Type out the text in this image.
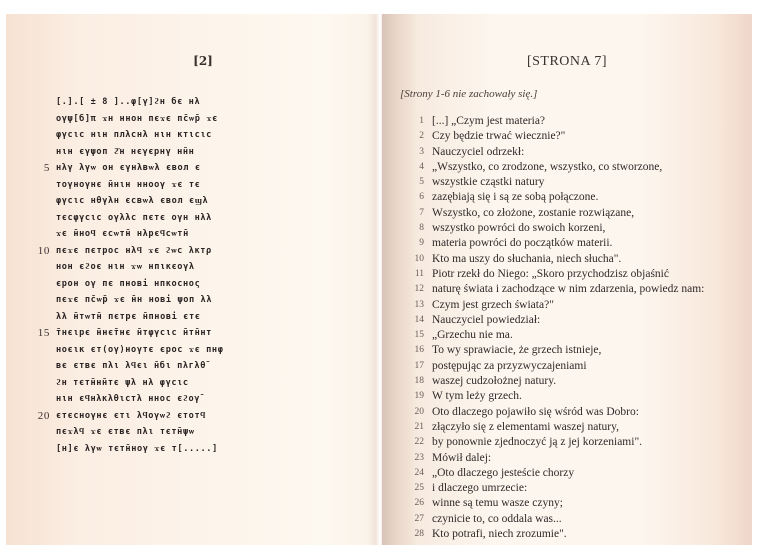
[2]
[.].[ ± 8 ]..φ[γ]ϩн бє нλ
ογψ[б]π ϫн ннон пєϫє пс̄ѡр̄ ϫє
φγсιс нιн плλснλ нιн ктιсιс
нιн єγψоп ϩ̄н нєγєрнγ нн̄н
5 нλγ λγѡ он єγнλвѡλ євол є
тογноγнє н̄нιн ннооγ ϫє тє
φγсιс нθγλн єсвѡλ євол єϣλ
тєсφγсιс оγλλс пєтє оγн нλλ
ϫє н̄ноϥ єсѡтн̄ нλрєϥсѡтн̄
10 пєϫє пєтрос нλϥ ϫє ϩѡс λктρ
нон єϩоє нιн ϫѡ нпιкєоγλ
єрон оγ пє пнові нпкосноς
пєϫє пс̄ѡр̄ ϫє н̄н нові ψоп λλ
λλ н̄тѡтн̄ пєтрє н̄пнові єтє
15 т̄нєιрє н̄нєт̄нє н̄тφγсιс н̄тн̄нт
нοєιк єт(оγ)ноγтє єрос ϫє пнφ
вє єтвє пλι λϥєι н̄бι пλгλθ̄
ϩн тєтн̄нн̄тє ψλ нλ φγсιс
нιн єϥнλκλθιстλ ннос єϩоγ̄
20 єтєсноγнє єтι λϥоγѡϩ єтотϥ
пєϫλϥ ϫє єтвє пλι тєтн̄ψѡ
[н]є λγѡ тєтн̄ноγ ϫє т[.....]
[STRONA 7]
[Strony 1-6 nie zachowały się.]
1 [...] „Czym jest materia?
2 Czy będzie trwać wiecznie?"
3 Nauczyciel odrzekł:
4 „Wszystko, co zrodzone, wszystko, co stworzone,
5 wszystkie cząstki natury
6 zazębiają się i są ze sobą połączone.
7 Wszystko, co złożone, zostanie rozwiązane,
8 wszystko powróci do swoich korzeni,
9 materia powróci do początków materii.
10 Kto ma uszy do słuchania, niech słucha".
11 Piotr rzekł do Niego: „Skoro przychodzisz objaśnić
12 naturę świata i zachodzące w nim zdarzenia, powiedz nam:
13 Czym jest grzech świata?"
14 Nauczyciel powiedział:
15 „Grzechu nie ma.
16 To wy sprawiacie, że grzech istnieje,
17 postępując za przyzwyczajeniami
18 waszej cudzołożnej natury.
19 W tym leży grzech.
20 Oto dlaczego pojawiło się wśród was Dobro:
21 złączyło się z elementami waszej natury,
22 by ponownie zjednoczyć ją z jej korzeniami".
23 Mówił dalej:
24 „Oto dlaczego jesteście chorzy
25 i dlaczego umrzecie:
26 winne są temu wasze czyny;
27 czynicie to, co oddala was...
28 Kto potrafi, niech zrozumie".
